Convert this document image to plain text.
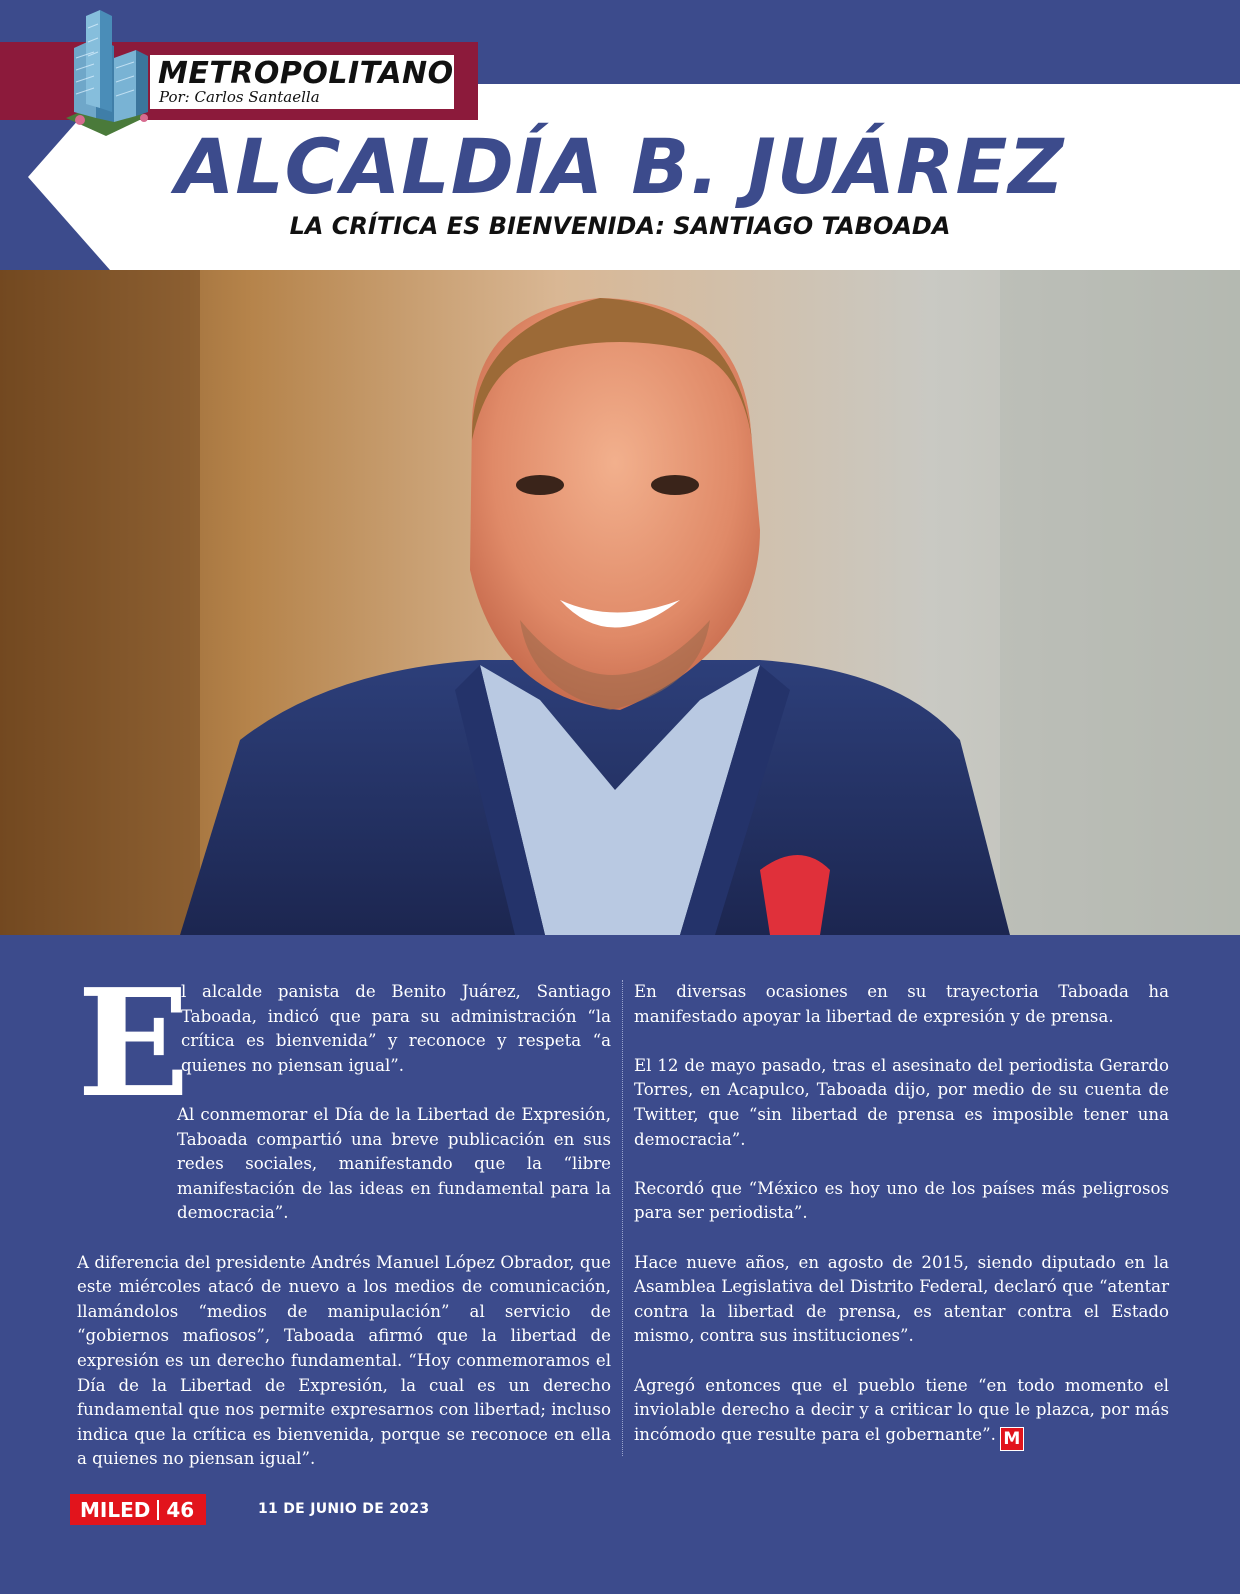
METROPOLITANO
Por: Carlos Santaella
ALCALDÍA B. JUÁREZ
LA CRÍTICA ES BIENVENIDA: SANTIAGO TABOADA

E
l alcalde panista de Benito Juárez, Santiago Taboada, indicó que para su administración “la crítica es bienvenida” y reconoce y respeta “a quienes no piensan igual”.

Al conmemorar el Día de la Libertad de Expresión, Taboada compartió una breve publicación en sus redes sociales, manifestando que la “libre manifestación de las ideas en fundamental para la democracia”.

A diferencia del presidente Andrés Manuel López Obrador, que este miércoles atacó de nuevo a los medios de comunicación, llamándolos “medios de manipulación” al servicio de “gobiernos mafiosos”, Taboada afirmó que la libertad de expresión es un derecho fundamental. “Hoy conmemoramos el Día de la Libertad de Expresión, la cual es un derecho fundamental que nos permite expresarnos con libertad; incluso indica que la crítica es bienvenida, porque se reconoce en ella a quienes no piensan igual”.

En diversas ocasiones en su trayectoria Taboada ha manifestado apoyar la libertad de expresión y de prensa.

El 12 de mayo pasado, tras el asesinato del periodista Gerardo Torres, en Acapulco, Taboada dijo, por medio de su cuenta de Twitter, que “sin libertad de prensa es imposible tener una democracia”.

Recordó que “México es hoy uno de los países más peligrosos para ser periodista”.

Hace nueve años, en agosto de 2015, siendo diputado en la Asamblea Legislativa del Distrito Federal, declaró que “atentar contra la libertad de prensa, es atentar contra el Estado mismo, contra sus instituciones”.

Agregó entonces que el pueblo tiene “en todo momento el inviolable derecho a decir y a criticar lo que le plazca, por más incómodo que resulte para el gobernante”. M

MILED 46	11 DE JUNIO DE 2023
